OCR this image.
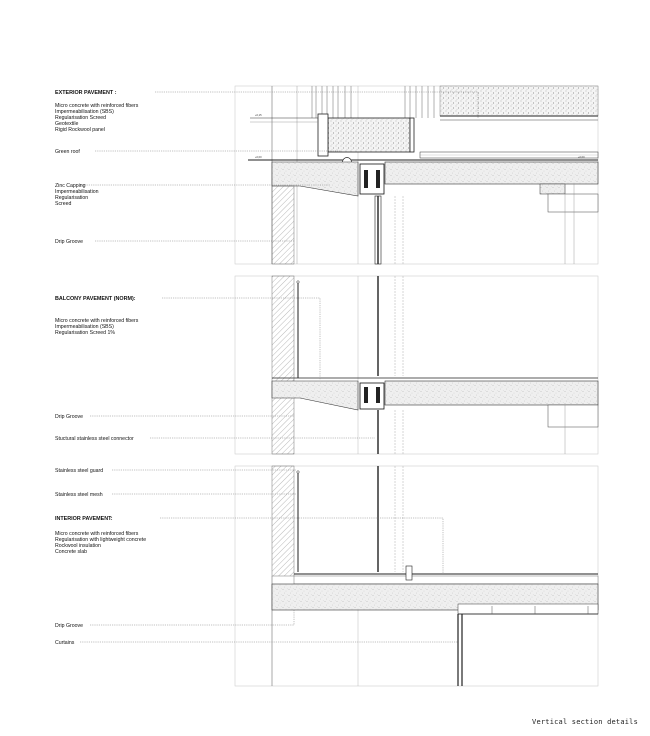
+0,15
+0,00	+0,00
EXTERIOR PAVEMENT :
Micro concrete with reinforced fibers
Impermeabilisation (SBS)
Regularisation Screed
Geotextile
Rigid Rockwool panel
Green roof
Zinc Capping
Impermeabilisation
Regularisation
Screed
Drip Groove
BALCONY PAVEMENT (NORM):
Micro concrete with reinforced fibers
Impermeabilisation (SBS)
Regularisation Screed 1%
Drip Groove
Stuctural stainless steel connector
Stainless steel guard
Stainless steel mesh
INTERIOR PAVEMENT:
Micro concrete with reinforced fibers
Regularisation with lightweight concrete
Rockwool insulation
Concrete slab
Drip Groove
Curtains
Vertical section details
